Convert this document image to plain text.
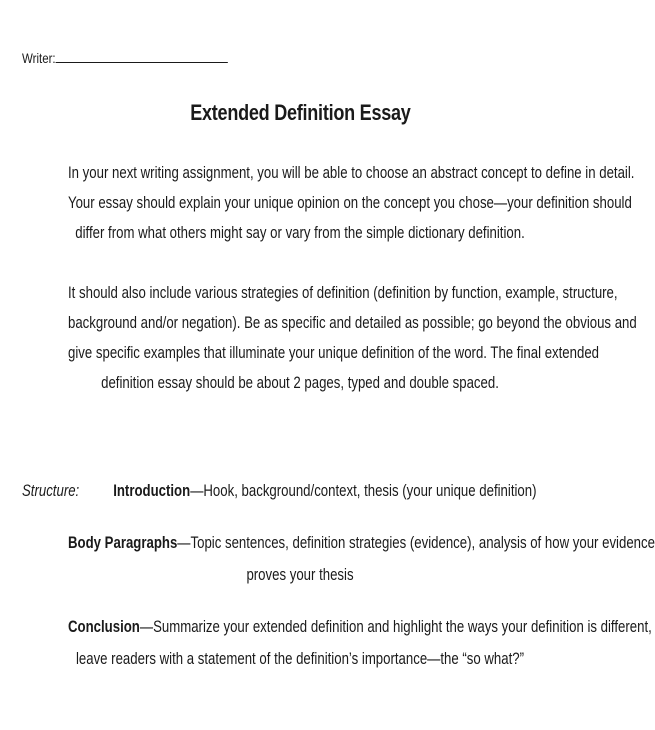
Writer:
Extended Definition Essay
In your next writing assignment, you will be able to choose an abstract concept to define in detail.
Your essay should explain your unique opinion on the concept you chose—your definition should
differ from what others might say or vary from the simple dictionary definition.
It should also include various strategies of definition (definition by function, example, structure,
background and/or negation). Be as specific and detailed as possible; go beyond the obvious and
give specific examples that illuminate your unique definition of the word. The final extended
definition essay should be about 2 pages, typed and double spaced.
Structure: Introduction—Hook, background/context, thesis (your unique definition)
Body Paragraphs—Topic sentences, definition strategies (evidence), analysis of how your evidence
proves your thesis
Conclusion—Summarize your extended definition and highlight the ways your definition is different,
leave readers with a statement of the definition’s importance—the “so what?”
